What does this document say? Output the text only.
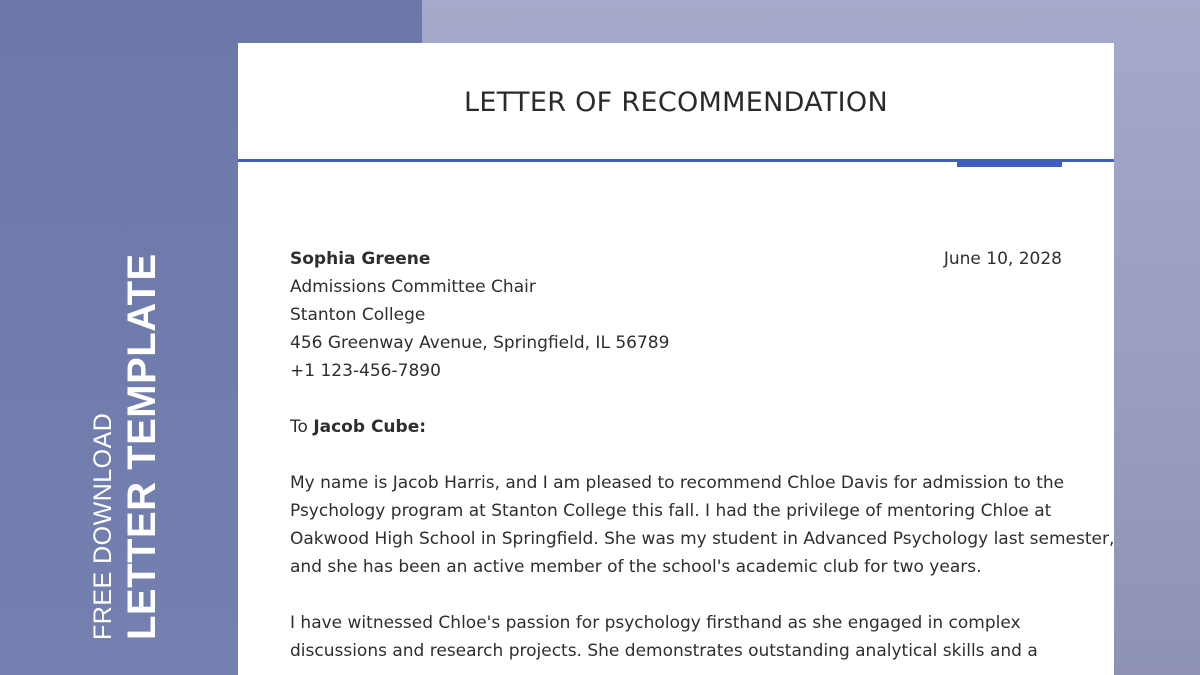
FREE DOWNLOAD LETTER TEMPLATE
LETTER OF RECOMMENDATION
June 10, 2028
Sophia Greene
Admissions Committee Chair
Stanton College
456 Greenway Avenue, Springfield, IL 56789
+1 123-456-7890
To Jacob Cube:
My name is Jacob Harris, and I am pleased to recommend Chloe Davis for admission to the
Psychology program at Stanton College this fall. I had the privilege of mentoring Chloe at
Oakwood High School in Springfield. She was my student in Advanced Psychology last semester,
and she has been an active member of the school's academic club for two years.
I have witnessed Chloe's passion for psychology firsthand as she engaged in complex
discussions and research projects. She demonstrates outstanding analytical skills and a
